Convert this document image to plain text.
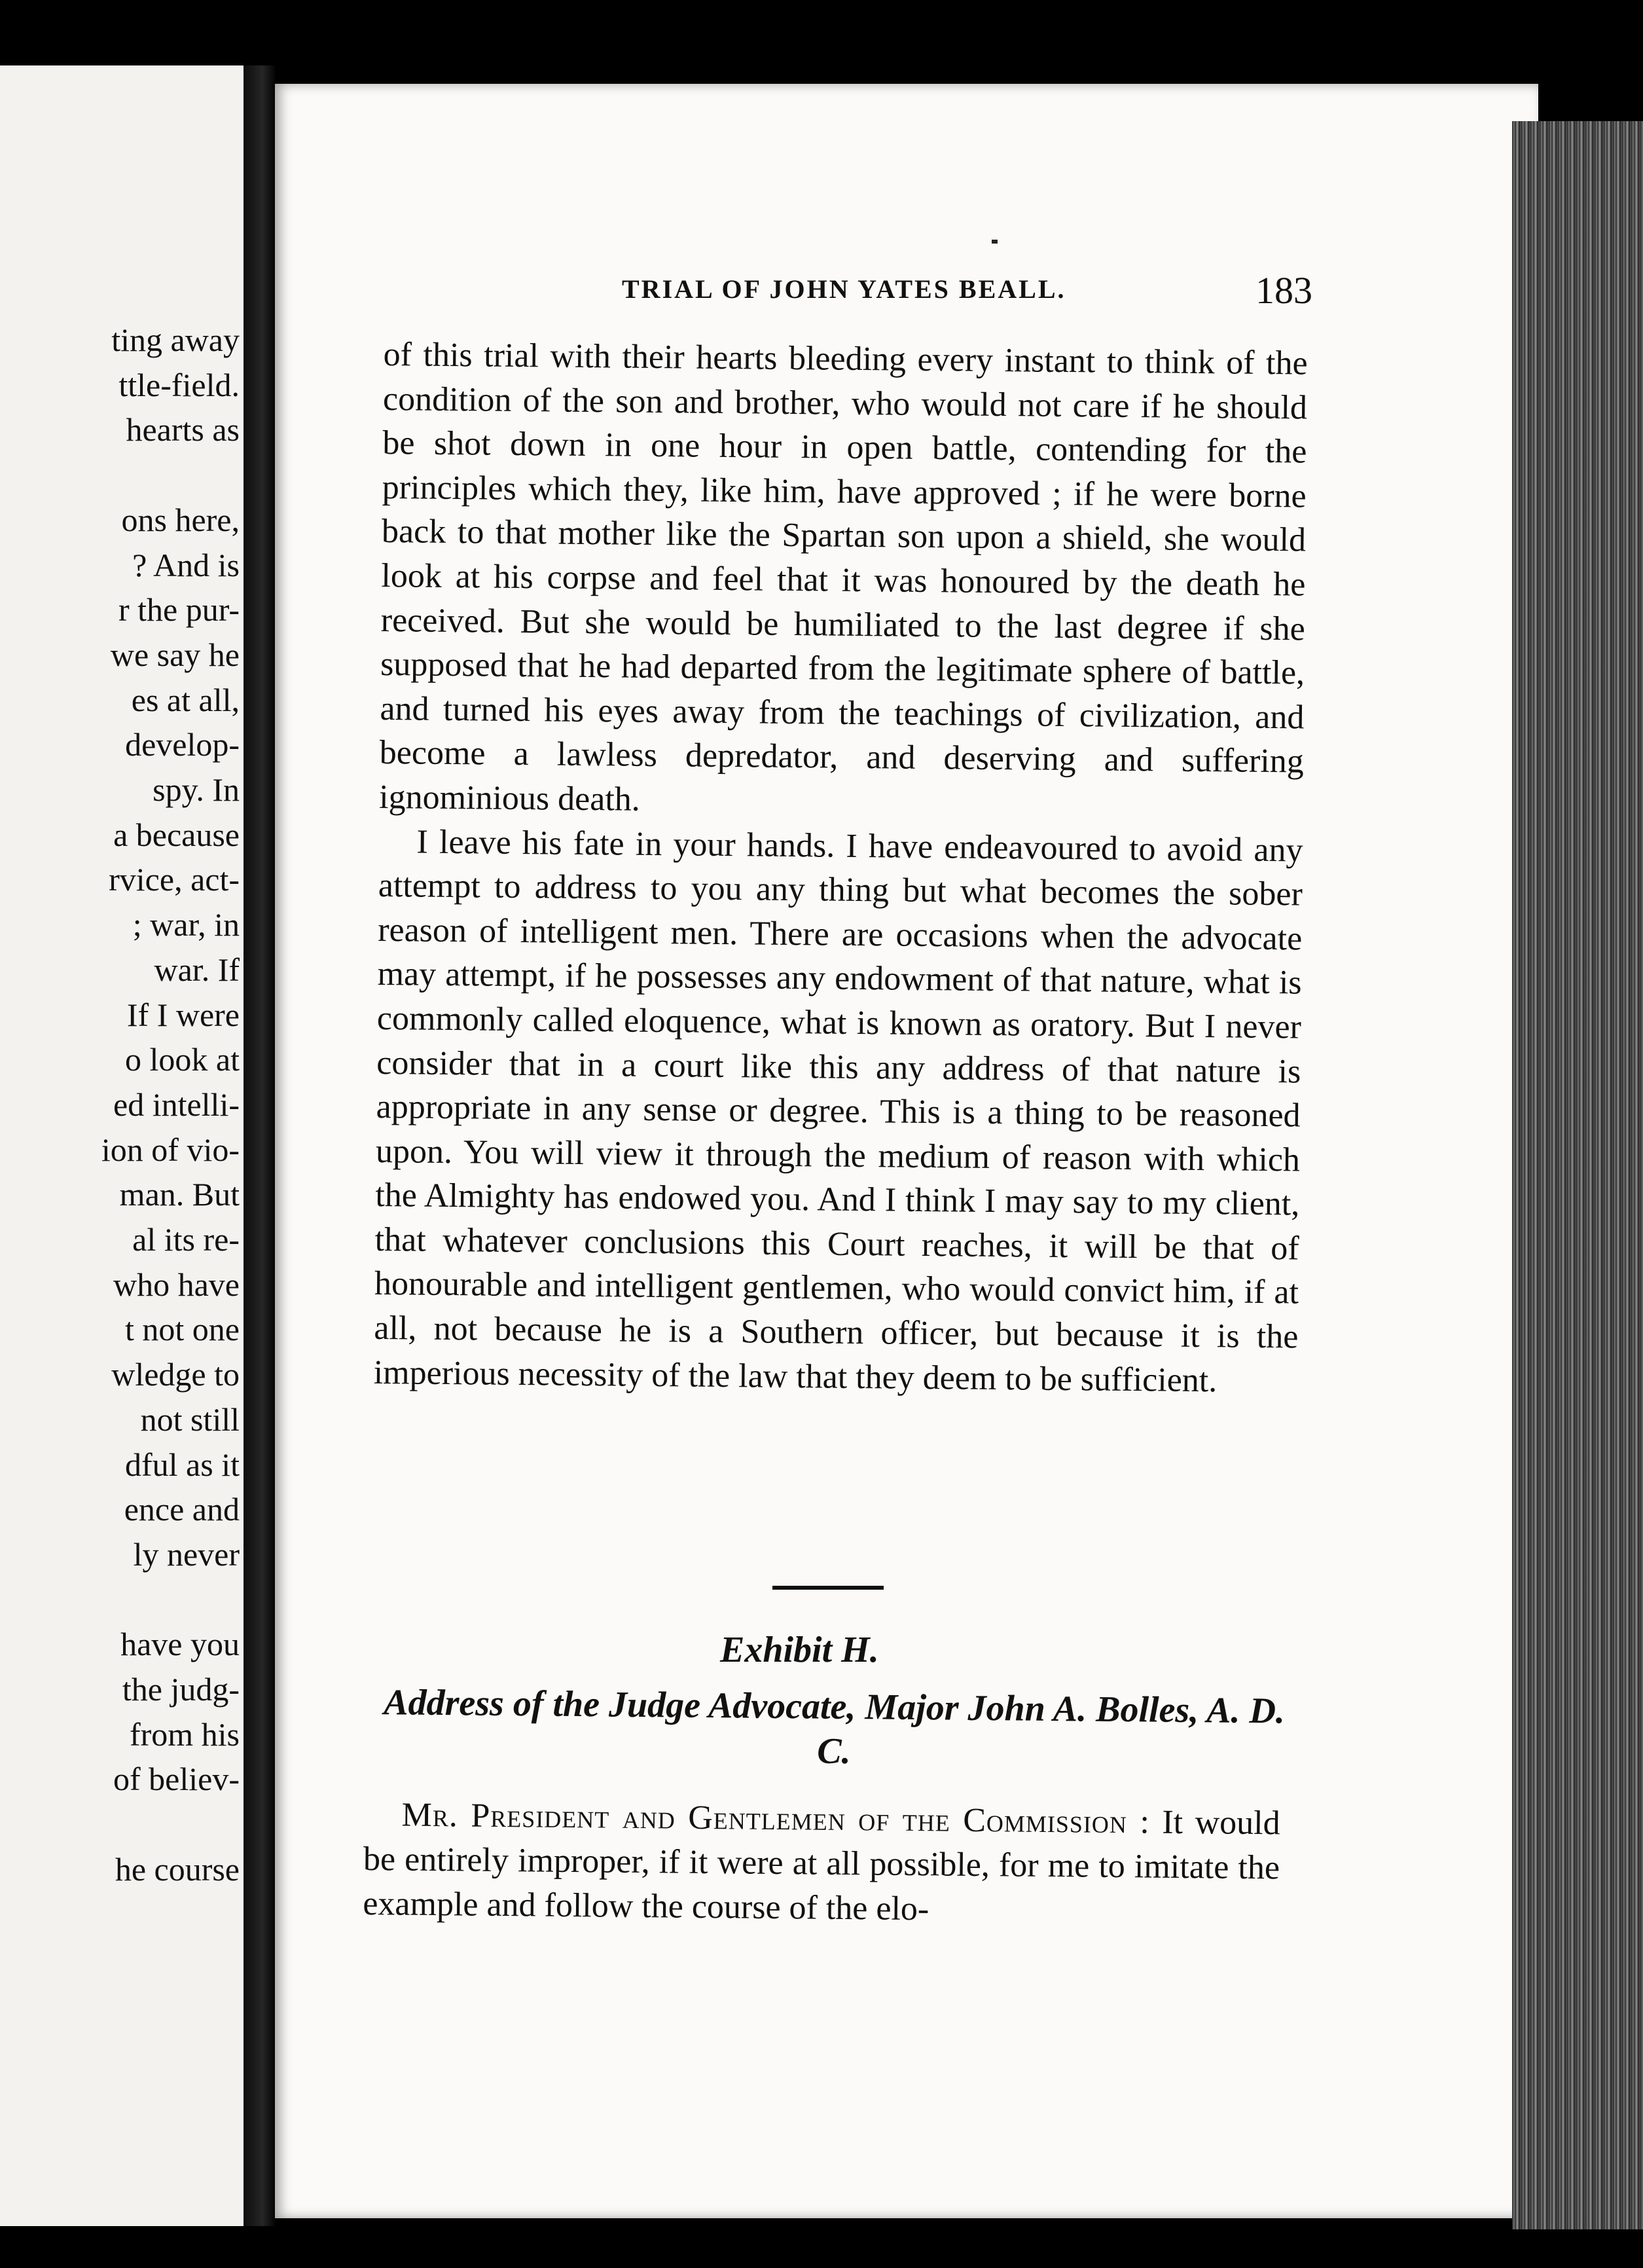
ting away
ttle-field.
hearts as

ons here,
? And is
r the pur-
we say he
es at all,
develop-
spy. In
a because
rvice, act-
; war, in
war. If
If I were
o look at
ed intelli-
ion of vio-
man. But
al its re-
who have
t not one
wledge to
not still
dful as it
ence and
ly never

have you
the judg-
from his
of believ-

he course
TRIAL OF JOHN YATES BEALL.	183

of this trial with their hearts bleeding every instant to think of the condition of the son and brother, who would not care if he should be shot down in one hour in open battle, contending for the principles which they, like him, have approved ; if he were borne back to that mother like the Spartan son upon a shield, she would look at his corpse and feel that it was honoured by the death he received. But she would be humiliated to the last degree if she supposed that he had departed from the legitimate sphere of battle, and turned his eyes away from the teachings of civilization, and become a lawless depredator, and deserving and suffering ignominious death.

I leave his fate in your hands. I have endeavoured to avoid any attempt to address to you any thing but what becomes the sober reason of intelligent men. There are occasions when the advocate may attempt, if he possesses any endowment of that nature, what is commonly called eloquence, what is known as oratory. But I never consider that in a court like this any address of that nature is appropriate in any sense or degree. This is a thing to be reasoned upon. You will view it through the medium of reason with which the Almighty has endowed you. And I think I may say to my client, that whatever conclusions this Court reaches, it will be that of honourable and intelligent gentlemen, who would convict him, if at all, not because he is a Southern officer, but because it is the imperious necessity of the law that they deem to be sufficient.

Exhibit H.
Address of the Judge Advocate, Major John A. Bolles, A. D. C.

Mr. President and Gentlemen of the Commission : It would be entirely improper, if it were at all possible, for me to imitate the example and follow the course of the elo-
